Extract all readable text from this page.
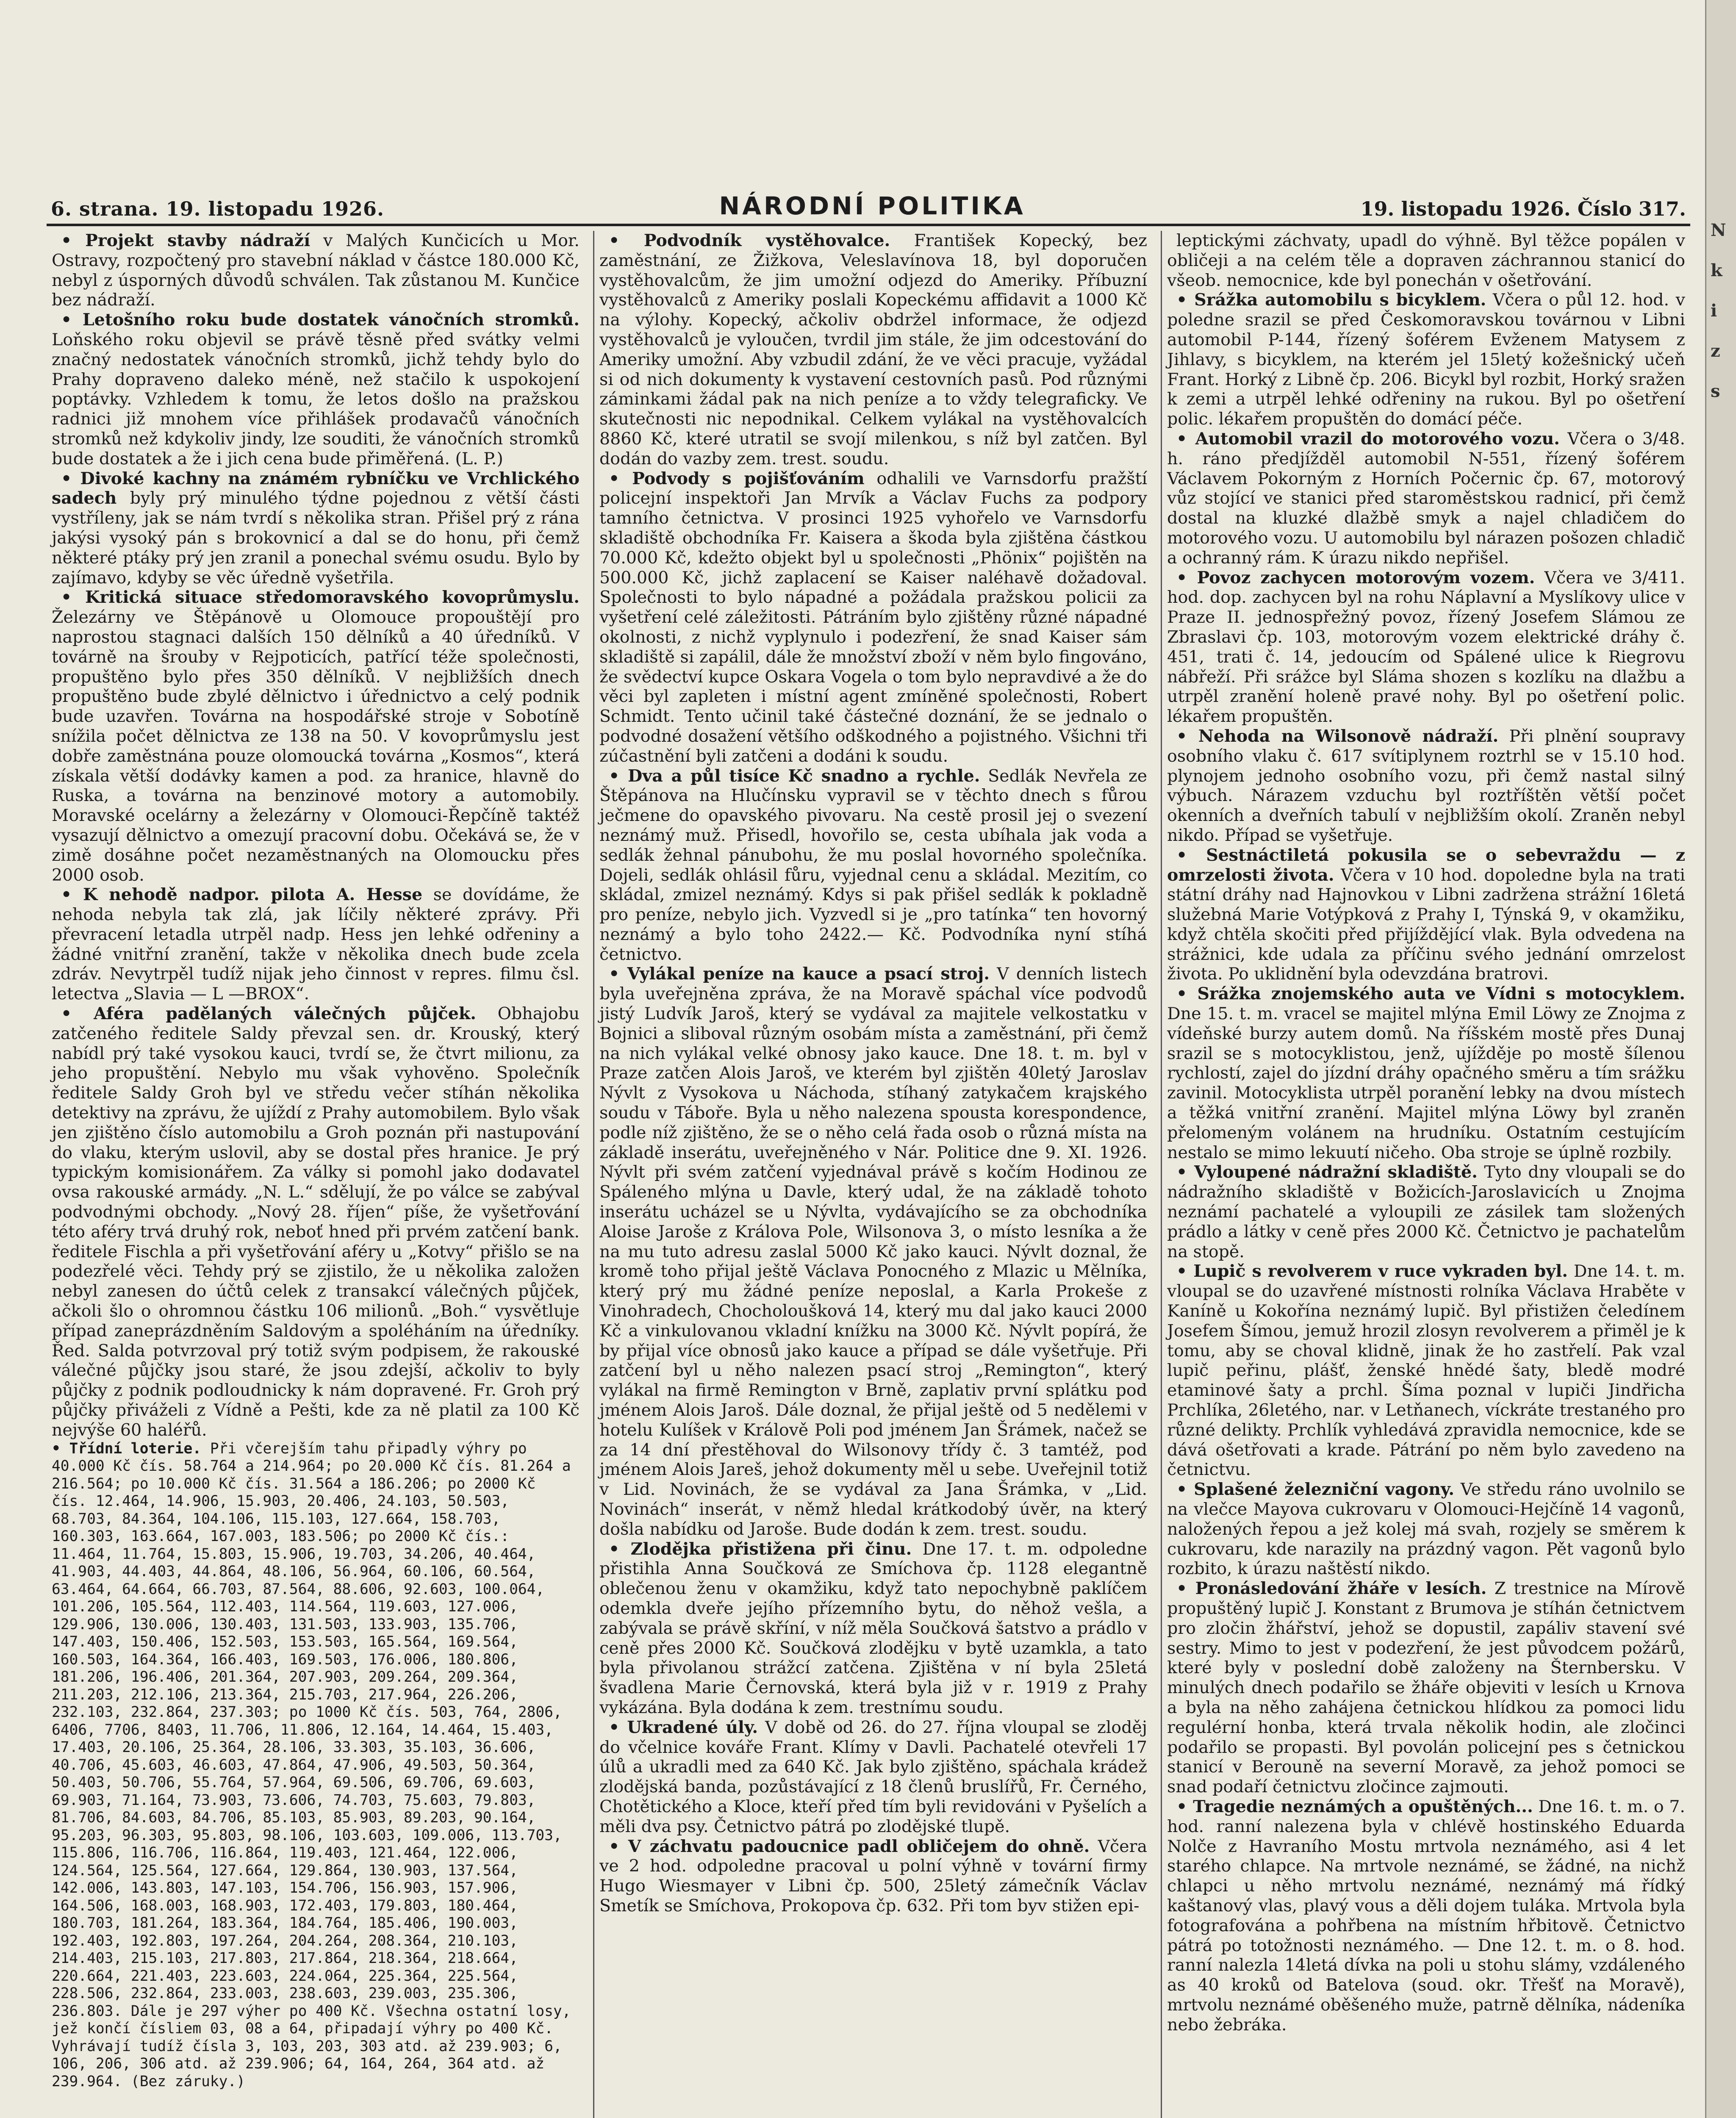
6. strana. 19. listopadu 1926.	NÁRODNÍ POLITIKA	19. listopadu 1926. Číslo 317.

• Projekt stavby nádraží v Malých Kunčicích u Mor. Ostravy, rozpočtený pro stavební náklad v částce 180.000 Kč, nebyl z úsporných důvodů schválen. Tak zůstanou M. Kunčice bez nádraží.

• Letošního roku bude dostatek vánočních stromků. Loňského roku objevil se právě těsně před svátky velmi značný nedostatek vánočních stromků, jichž tehdy bylo do Prahy dopraveno daleko méně, než stačilo k uspokojení poptávky. Vzhledem k tomu, že letos došlo na pražskou radnici již mnohem více přihlášek prodavačů vánočních stromků než kdykoliv jindy, lze souditi, že vánočních stromků bude dostatek a že i jich cena bude přiměřená. (L. P.)

• Divoké kachny na známém rybníčku ve Vrchlického sadech byly prý minulého týdne pojednou z větší části vystříleny, jak se nám tvrdí s několika stran. Přišel prý z rána jakýsi vysoký pán s brokovnicí a dal se do honu, při čemž některé ptáky prý jen zranil a ponechal svému osudu. Bylo by zajímavo, kdyby se věc úředně vyšetřila.

• Kritická situace středomoravského kovoprůmyslu. Železárny ve Štěpánově u Olomouce propouštějí pro naprostou stagnaci dalších 150 dělníků a 40 úředníků. V továrně na šrouby v Rejpoticích, patřící téže společnosti, propuštěno bylo přes 350 dělníků. V nejbližších dnech propuštěno bude zbylé dělnictvo i úřednictvo a celý podnik bude uzavřen. Továrna na hospodářské stroje v Sobotíně snížila počet dělnictva ze 138 na 50. V kovoprůmyslu jest dobře zaměstnána pouze olomoucká továrna „Kosmos“, která získala větší dodávky kamen a pod. za hranice, hlavně do Ruska, a továrna na benzinové motory a automobily. Moravské ocelárny a železárny v Olomouci-Řepčíně taktéž vysazují dělnictvo a omezují pracovní dobu. Očekává se, že v zimě dosáhne počet nezaměstnaných na Olomoucku přes 2000 osob.

• K nehodě nadpor. pilota A. Hesse se dovídáme, že nehoda nebyla tak zlá, jak líčily některé zprávy. Při převracení letadla utrpěl nadp. Hess jen lehké odřeniny a žádné vnitřní zranění, takže v několika dnech bude zcela zdráv. Nevytrpěl tudíž nijak jeho činnost v repres. filmu čsl. letectva „Slavia — L —BROX“.

• Aféra padělaných válečných půjček. Obhajobu zatčeného ředitele Saldy převzal sen. dr. Krouský, který nabídl prý také vysokou kauci, tvrdí se, že čtvrt milionu, za jeho propuštění. Nebylo mu však vyhověno. Společník ředitele Saldy Groh byl ve středu večer stíhán několika detektivy na zprávu, že ujíždí z Prahy automobilem. Bylo však jen zjištěno číslo automobilu a Groh poznán při nastupování do vlaku, kterým uslovil, aby se dostal přes hranice. Je prý typickým komisionářem. Za války si pomohl jako dodavatel ovsa rakouské armády. „N. L.“ sdělují, že po válce se zabýval podvodnými obchody. „Nový 28. říjen“ píše, že vyšetřování této aféry trvá druhý rok, neboť hned při prvém zatčení bank. ředitele Fischla a při vyšetřování aféry u „Kotvy“ přišlo se na podezřelé věci. Tehdy prý se zjistilo, že u několika založen nebyl zanesen do účtů celek z transakcí válečných půjček, ačkoli šlo o ohromnou částku 106 milionů. „Boh.“ vysvětluje případ zaneprázdněním Saldovým a spoléháním na úředníky. Řed. Salda potvrzoval prý totiž svým podpisem, že rakouské válečné půjčky jsou staré, že jsou zdejší, ačkoliv to byly půjčky z podnik podloudnicky k nám dopravené. Fr. Groh prý půjčky přiváželi z Vídně a Pešti, kde za ně platil za 100 Kč nejvýše 60 haléřů.

• Třídní loterie. Při včerejším tahu připadly výhry po 40.000 Kč čís. 58.764 a 214.964; po 20.000 Kč čís. 81.264 a 216.564; po 10.000 Kč čís. 31.564 a 186.206; po 2000 Kč čís. 12.464, 14.906, 15.903, 20.406, 24.103, 50.503, 68.703, 84.364, 104.106, 115.103, 127.664, 158.703, 160.303, 163.664, 167.003, 183.506; po 2000 Kč čís.: 11.464, 11.764, 15.803, 15.906, 19.703, 34.206, 40.464, 41.903, 44.403, 44.864, 48.106, 56.964, 60.106, 60.564, 63.464, 64.664, 66.703, 87.564, 88.606, 92.603, 100.064, 101.206, 105.564, 112.403, 114.564, 119.603, 127.006, 129.906, 130.006, 130.403, 131.503, 133.903, 135.706, 147.403, 150.406, 152.503, 153.503, 165.564, 169.564, 160.503, 164.364, 166.403, 169.503, 176.006, 180.806, 181.206, 196.406, 201.364, 207.903, 209.264, 209.364, 211.203, 212.106, 213.364, 215.703, 217.964, 226.206, 232.103, 232.864, 237.303; po 1000 Kč čís. 503, 764, 2806, 6406, 7706, 8403, 11.706, 11.806, 12.164, 14.464, 15.403, 17.403, 20.106, 25.364, 28.106, 33.303, 35.103, 36.606, 40.706, 45.603, 46.603, 47.864, 47.906, 49.503, 50.364, 50.403, 50.706, 55.764, 57.964, 69.506, 69.706, 69.603, 69.903, 71.164, 73.903, 73.606, 74.703, 75.603, 79.803, 81.706, 84.603, 84.706, 85.103, 85.903, 89.203, 90.164, 95.203, 96.303, 95.803, 98.106, 103.603, 109.006, 113.703, 115.806, 116.706, 116.864, 119.403, 121.464, 122.006, 124.564, 125.564, 127.664, 129.864, 130.903, 137.564, 142.006, 143.803, 147.103, 154.706, 156.903, 157.906, 164.506, 168.003, 168.903, 172.403, 179.803, 180.464, 180.703, 181.264, 183.364, 184.764, 185.406, 190.003, 192.403, 192.803, 197.264, 204.264, 208.364, 210.103, 214.403, 215.103, 217.803, 217.864, 218.364, 218.664, 220.664, 221.403, 223.603, 224.064, 225.364, 225.564, 228.506, 232.864, 233.003, 238.603, 239.003, 235.306, 236.803. Dále je 297 výher po 400 Kč. Všechna ostatní losy, jež končí čísliem 03, 08 a 64, připadají výhry po 400 Kč. Vyhrávají tudíž čísla 3, 103, 203, 303 atd. až 239.903; 6, 106, 206, 306 atd. až 239.906; 64, 164, 264, 364 atd. až 239.964. (Bez záruky.)

• Podvodník vystěhovalce. František Kopecký, bez zaměstnání, ze Žižkova, Veleslavínova 18, byl doporučen vystěhovalcům, že jim umožní odjezd do Ameriky. Příbuzní vystěhovalců z Ameriky poslali Kopeckému affidavit a 1000 Kč na výlohy. Kopecký, ačkoliv obdržel informace, že odjezd vystěhovalců je vyloučen, tvrdil jim stále, že jim odcestování do Ameriky umožní. Aby vzbudil zdání, že ve věci pracuje, vyžádal si od nich dokumenty k vystavení cestovních pasů. Pod různými záminkami žádal pak na nich peníze a to vždy telegraficky. Ve skutečnosti nic nepodnikal. Celkem vylákal na vystěhovalcích 8860 Kč, které utratil se svojí milenkou, s níž byl zatčen. Byl dodán do vazby zem. trest. soudu.

• Podvody s pojišťováním odhalili ve Varnsdorfu pražští policejní inspektoři Jan Mrvík a Václav Fuchs za podpory tamního četnictva. V prosinci 1925 vyhořelo ve Varnsdorfu skladiště obchodníka Fr. Kaisera a škoda byla zjištěna částkou 70.000 Kč, kdežto objekt byl u společnosti „Phönix“ pojištěn na 500.000 Kč, jichž zaplacení se Kaiser naléhavě dožadoval. Společnosti to bylo nápadné a požádala pražskou policii za vyšetření celé záležitosti. Pátráním bylo zjištěny různé nápadné okolnosti, z nichž vyplynulo i podezření, že snad Kaiser sám skladiště si zapálil, dále že množství zboží v něm bylo fingováno, že svědectví kupce Oskara Vogela o tom bylo nepravdivé a že do věci byl zapleten i místní agent zmíněné společnosti, Robert Schmidt. Tento učinil také částečné doznání, že se jednalo o podvodné dosažení většího odškodného a pojistného. Všichni tři zúčastnění byli zatčeni a dodáni k soudu.

• Dva a půl tisíce Kč snadno a rychle. Sedlák Nevřela ze Štěpánova na Hlučínsku vypravil se v těchto dnech s fůrou ječmene do opavského pivovaru. Na cestě prosil jej o svezení neznámý muž. Přisedl, hovořilo se, cesta ubíhala jak voda a sedlák žehnal pánubohu, že mu poslal hovorného společníka. Dojeli, sedlák ohlásil fůru, vyjednal cenu a skládal. Mezitím, co skládal, zmizel neznámý. Kdys si pak přišel sedlák k pokladně pro peníze, nebylo jich. Vyzvedl si je „pro tatínka“ ten hovorný neznámý a bylo toho 2422.— Kč. Podvodníka nyní stíhá četnictvo.

• Vylákal peníze na kauce a psací stroj. V denních listech byla uveřejněna zpráva, že na Moravě spáchal více podvodů jistý Ludvík Jaroš, který se vydával za majitele velkostatku v Bojnici a sliboval různým osobám místa a zaměstnání, při čemž na nich vylákal velké obnosy jako kauce. Dne 18. t. m. byl v Praze zatčen Alois Jaroš, ve kterém byl zjištěn 40letý Jaroslav Nývlt z Vysokova u Náchoda, stíhaný zatykačem krajského soudu v Táboře. Byla u něho nalezena spousta korespondence, podle níž zjištěno, že se o něho celá řada osob o různá místa na základě inserátu, uveřejněného v Nár. Politice dne 9. XI. 1926. Nývlt při svém zatčení vyjednával právě s kočím Hodinou ze Spáleného mlýna u Davle, který udal, že na základě tohoto inserátu ucházel se u Nývlta, vydávajícího se za obchodníka Aloise Jaroše z Králova Pole, Wilsonova 3, o místo lesníka a že na mu tuto adresu zaslal 5000 Kč jako kauci. Nývlt doznal, že kromě toho přijal ještě Václava Ponocného z Mlazic u Mělníka, který prý mu žádné peníze neposlal, a Karla Prokeše z Vinohradech, Chocholoušková 14, který mu dal jako kauci 2000 Kč a vinkulovanou vkladní knížku na 3000 Kč. Nývlt popírá, že by přijal více obnosů jako kauce a případ se dále vyšetřuje. Při zatčení byl u něho nalezen psací stroj „Remington“, který vylákal na firmě Remington v Brně, zaplativ první splátku pod jménem Alois Jaroš. Dále doznal, že přijal ještě od 5 nedělemi v hotelu Kulíšek v Králově Poli pod jménem Jan Šrámek, načež se za 14 dní přestěhoval do Wilsonovy třídy č. 3 tamtéž, pod jménem Alois Jareš, jehož dokumenty měl u sebe. Uveřejnil totiž v Lid. Novinách, že se vydával za Jana Šrámka, v „Lid. Novinách“ inserát, v němž hledal krátkodobý úvěr, na který došla nabídku od Jaroše. Bude dodán k zem. trest. soudu.

• Zlodějka přistižena při činu. Dne 17. t. m. odpoledne přistihla Anna Součková ze Smíchova čp. 1128 elegantně oblečenou ženu v okamžiku, když tato nepochybně paklíčem odemkla dveře jejího přízemního bytu, do něhož vešla, a zabývala se právě skříní, v níž měla Součková šatstvo a prádlo v ceně přes 2000 Kč. Součková zlodějku v bytě uzamkla, a tato byla přivolanou strážcí zatčena. Zjištěna v ní byla 25letá švadlena Marie Černovská, která byla již v r. 1919 z Prahy vykázána. Byla dodána k zem. trestnímu soudu.

• Ukradené úly. V době od 26. do 27. října vloupal se zloděj do včelnice kováře Frant. Klímy v Davli. Pachatelé otevřeli 17 úlů a ukradli med za 640 Kč. Jak bylo zjištěno, spáchala krádež zlodějská banda, pozůstávající z 18 členů bruslířů, Fr. Černého, Chotětického a Kloce, kteří před tím byli revidováni v Pyšelích a měli dva psy. Četnictvo pátrá po zlodějské tlupě.

• V záchvatu padoucnice padl obličejem do ohně. Včera ve 2 hod. odpoledne pracoval u polní výhně v tovární firmy Hugo Wiesmayer v Libni čp. 500, 25letý zámečník Václav Smetík se Smíchova, Prokopova čp. 632. Při tom byv stižen epi-

leptickými záchvaty, upadl do výhně. Byl těžce popálen v obličeji a na celém těle a dopraven záchrannou stanicí do všeob. nemocnice, kde byl ponechán v ošetřování.

• Srážka automobilu s bicyklem. Včera o půl 12. hod. v poledne srazil se před Českomoravskou továrnou v Libni automobil P-144, řízený šoférem Evženem Matysem z Jihlavy, s bicyklem, na kterém jel 15letý kožešnický učeň Frant. Horký z Libně čp. 206. Bicykl byl rozbit, Horký sražen k zemi a utrpěl lehké odřeniny na rukou. Byl po ošetření polic. lékařem propuštěn do domácí péče.

• Automobil vrazil do motorového vozu. Včera o 3/48. h. ráno předjížděl automobil N-551, řízený šoférem Václavem Pokorným z Horních Počernic čp. 67, motorový vůz stojící ve stanici před staroměstskou radnicí, při čemž dostal na kluzké dlažbě smyk a najel chladičem do motorového vozu. U automobilu byl nárazen pošozen chladič a ochranný rám. K úrazu nikdo nepřišel.

• Povoz zachycen motorovým vozem. Včera ve 3/411. hod. dop. zachycen byl na rohu Náplavní a Myslíkovy ulice v Praze II. jednospřežný povoz, řízený Josefem Slámou ze Zbraslavi čp. 103, motorovým vozem elektrické dráhy č. 451, trati č. 14, jedoucím od Spálené ulice k Riegrovu nábřeží. Při srážce byl Sláma shozen s kozlíku na dlažbu a utrpěl zranění holeně pravé nohy. Byl po ošetření polic. lékařem propuštěn.

• Nehoda na Wilsonově nádraží. Při plnění soupravy osobního vlaku č. 617 svítiplynem roztrhl se v 15.10 hod. plynojem jednoho osobního vozu, při čemž nastal silný výbuch. Nárazem vzduchu byl roztříštěn větší počet okenních a dveřních tabulí v nejbližším okolí. Zraněn nebyl nikdo. Případ se vyšetřuje.

• Sestnáctiletá pokusila se o sebevraždu — z omrzelosti života. Včera v 10 hod. dopoledne byla na trati státní dráhy nad Hajnovkou v Libni zadržena strážní 16letá služebná Marie Votýpková z Prahy I, Týnská 9, v okamžiku, když chtěla skočiti před přijíždějící vlak. Byla odvedena na strážnici, kde udala za příčinu svého jednání omrzelost života. Po uklidnění byla odevzdána bratrovi.

• Srážka znojemského auta ve Vídni s motocyklem. Dne 15. t. m. vracel se majitel mlýna Emil Löwy ze Znojma z vídeňské burzy autem domů. Na říšském mostě přes Dunaj srazil se s motocyklistou, jenž, ujížděje po mostě šílenou rychlostí, zajel do jízdní dráhy opačného směru a tím srážku zavinil. Motocyklista utrpěl poranění lebky na dvou místech a těžká vnitřní zranění. Majitel mlýna Löwy byl zraněn přelomeným volánem na hrudníku. Ostatním cestujícím nestalo se mimo lekuutí ničeho. Oba stroje se úplně rozbily.

• Vyloupené nádražní skladiště. Tyto dny vloupali se do nádražního skladiště v Božicích-Jaroslavicích u Znojma neznámí pachatelé a vyloupili ze zásilek tam složených prádlo a látky v ceně přes 2000 Kč. Četnictvo je pachatelům na stopě.

• Lupič s revolverem v ruce vykraden byl. Dne 14. t. m. vloupal se do uzavřené místnosti rolníka Václava Hraběte v Kaníně u Kokořína neznámý lupič. Byl přistižen čeledínem Josefem Šímou, jemuž hrozil zlosyn revolverem a přiměl je k tomu, aby se choval klidně, jinak že ho zastřelí. Pak vzal lupič peřinu, plášť, ženské hnědé šaty, bledě modré etaminové šaty a prchl. Šíma poznal v lupiči Jindřicha Prchlíka, 26letého, nar. v Letňanech, víckráte trestaného pro různé delikty. Prchlík vyhledává zpravidla nemocnice, kde se dává ošetřovati a krade. Pátrání po něm bylo zavedeno na četnictvu.

• Splašené železniční vagony. Ve středu ráno uvolnilo se na vlečce Mayova cukrovaru v Olomouci-Hejčíně 14 vagonů, naložených řepou a jež kolej má svah, rozjely se směrem k cukrovaru, kde narazily na prázdný vagon. Pět vagonů bylo rozbito, k úrazu naštěstí nikdo.

• Pronásledování žháře v lesích. Z trestnice na Mírově propuštěný lupič J. Konstant z Brumova je stíhán četnictvem pro zločin žhářství, jehož se dopustil, zapáliv stavení své sestry. Mimo to jest v podezření, že jest původcem požárů, které byly v poslední době založeny na Šternbersku. V minulých dnech podařilo se žháře objeviti v lesích u Krnova a byla na něho zahájena četnickou hlídkou za pomoci lidu regulérní honba, která trvala několik hodin, ale zločinci podařilo se propasti. Byl povolán policejní pes s četnickou stanicí v Berouně na severní Moravě, za jehož pomoci se snad podaří četnictvu zločince zajmouti.

• Tragedie neznámých a opuštěných... Dne 16. t. m. o 7. hod. ranní nalezena byla v chlévě hostinského Eduarda Nolče z Havraního Mostu mrtvola neznámého, asi 4 let starého chlapce. Na mrtvole neznámé, se žádné, na nichž chlapci u něho mrtvolu neznámé, neznámý má řídký kaštanový vlas, plavý vous a děli dojem tuláka. Mrtvola byla fotografována a pohřbena na místním hřbitově. Četnictvo pátrá po totožnosti neznámého. — Dne 12. t. m. o 8. hod. ranní nalezla 14letá dívka na poli u stohu slámy, vzdáleného as 40 kroků od Batelova (soud. okr. Třešť na Moravě), mrtvolu neznámé oběšeného muže, patrně dělníka, nádeníka nebo žebráka.

N
k
i
z
s
